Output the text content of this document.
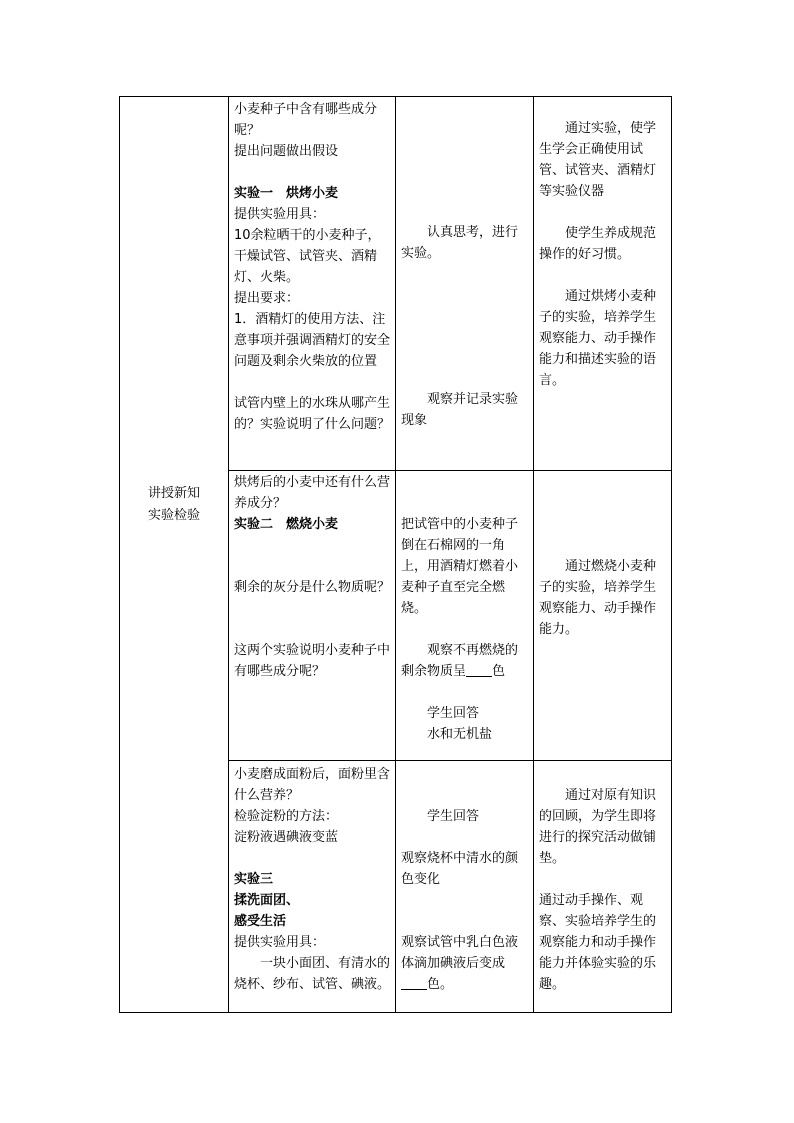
讲授新知

实验检验

小麦种子中含有哪些成分呢？

提出问题做出假设

实验一　烘烤小麦

提供实验用具：

10余粒晒干的小麦种子，干燥试管、试管夹、酒精灯、火柴。

提出要求：

1．酒精灯的使用方法、注意事项并强调酒精灯的安全问题及剩余火柴放的位置

试管内壁上的水珠从哪产生的？实验说明了什么问题？

认真思考，进行实验。

观察并记录实验现象

通过实验，使学生学会正确使用试管、试管夹、酒精灯等实验仪器

使学生养成规范操作的好习惯。

通过烘烤小麦种子的实验，培养学生观察能力、动手操作能力和描述实验的语言。

烘烤后的小麦中还有什么营养成分？

实验二　燃烧小麦

剩余的灰分是什么物质呢？

这两个实验说明小麦种子中有哪些成分呢？

把试管中的小麦种子倒在石棉网的一角上，用酒精灯燃着小麦种子直至完全燃烧。

观察不再燃烧的剩余物质呈 色

学生回答

水和无机盐

通过燃烧小麦种子的实验，培养学生观察能力、动手操作能力。

小麦磨成面粉后，面粉里含什么营养？

检验淀粉的方法：

淀粉液遇碘液变蓝

实验三

揉洗面团、

感受生活

提供实验用具：

一块小面团、有清水的烧杯、纱布、试管、碘液。

学生回答

观察烧杯中清水的颜色变化

观察试管中乳白色液体滴加碘液后变成色。

通过对原有知识的回顾，为学生即将进行的探究活动做铺垫。

通过动手操作、观察、实验培养学生的观察能力和动手操作能力并体验实验的乐趣。
